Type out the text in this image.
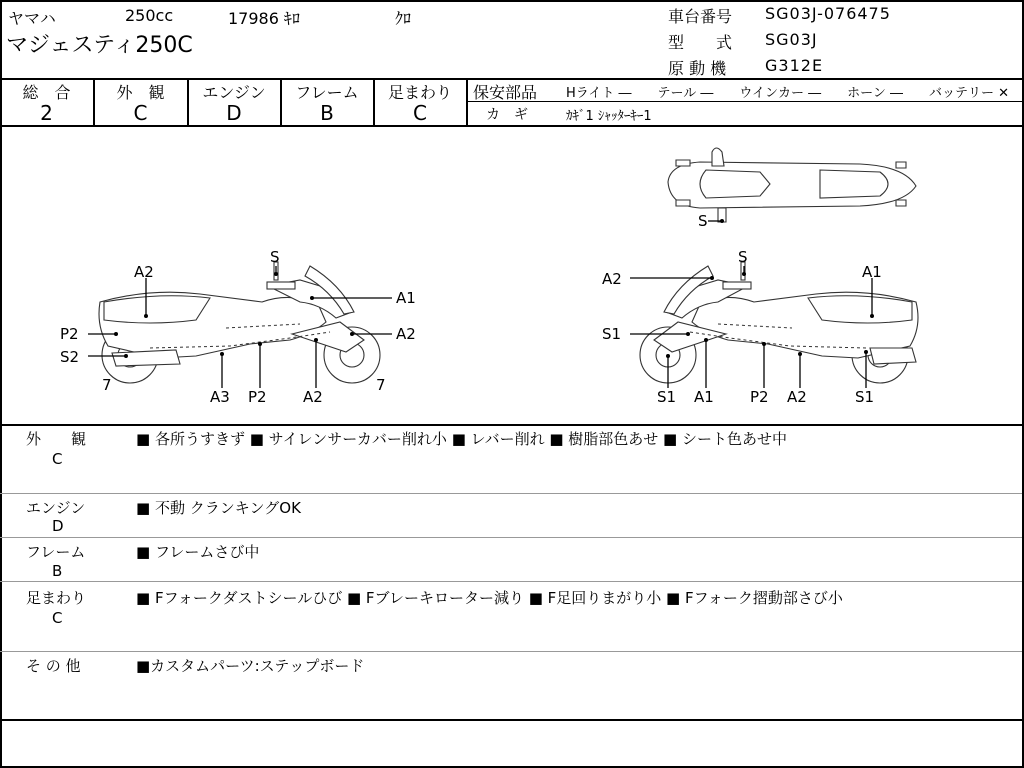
ヤマハ	250cc	17986 ｷﾛ	ｸﾛ
マジェスティ250C
車台番号 SG03J-076475
型　　式 SG03J
原 動 機 G312E
総　合
2
外　観
C
エンジン
D
フレーム
B
足まわり
C
保安部品 Hライト ―　　テール ―　　ウインカー ―　　ホーン ―　　バッテリー ✕
カ　ギ	ｶｷﾞ1 ｼｬｯﾀｰｷｰ1
A2
S
A1
P2	A2
S2
7	7
A3 P2 A2
A2
S
A1
S1
S1 A1 P2 A2	S1
S
外　　観
C
■ 各所うすきず ■ サイレンサーカバー削れ小 ■ レバー削れ ■ 樹脂部色あせ ■ シート色あせ中
エンジン
D
■ 不動 クランキングOK
フレーム
B
■ フレームさび中
足まわり
C
■ Fフォークダストシールひび ■ Fブレーキローター減り ■ F足回りまがり小 ■ Fフォーク摺動部さび小
そ の 他	■カスタムパーツ:ステップボード
